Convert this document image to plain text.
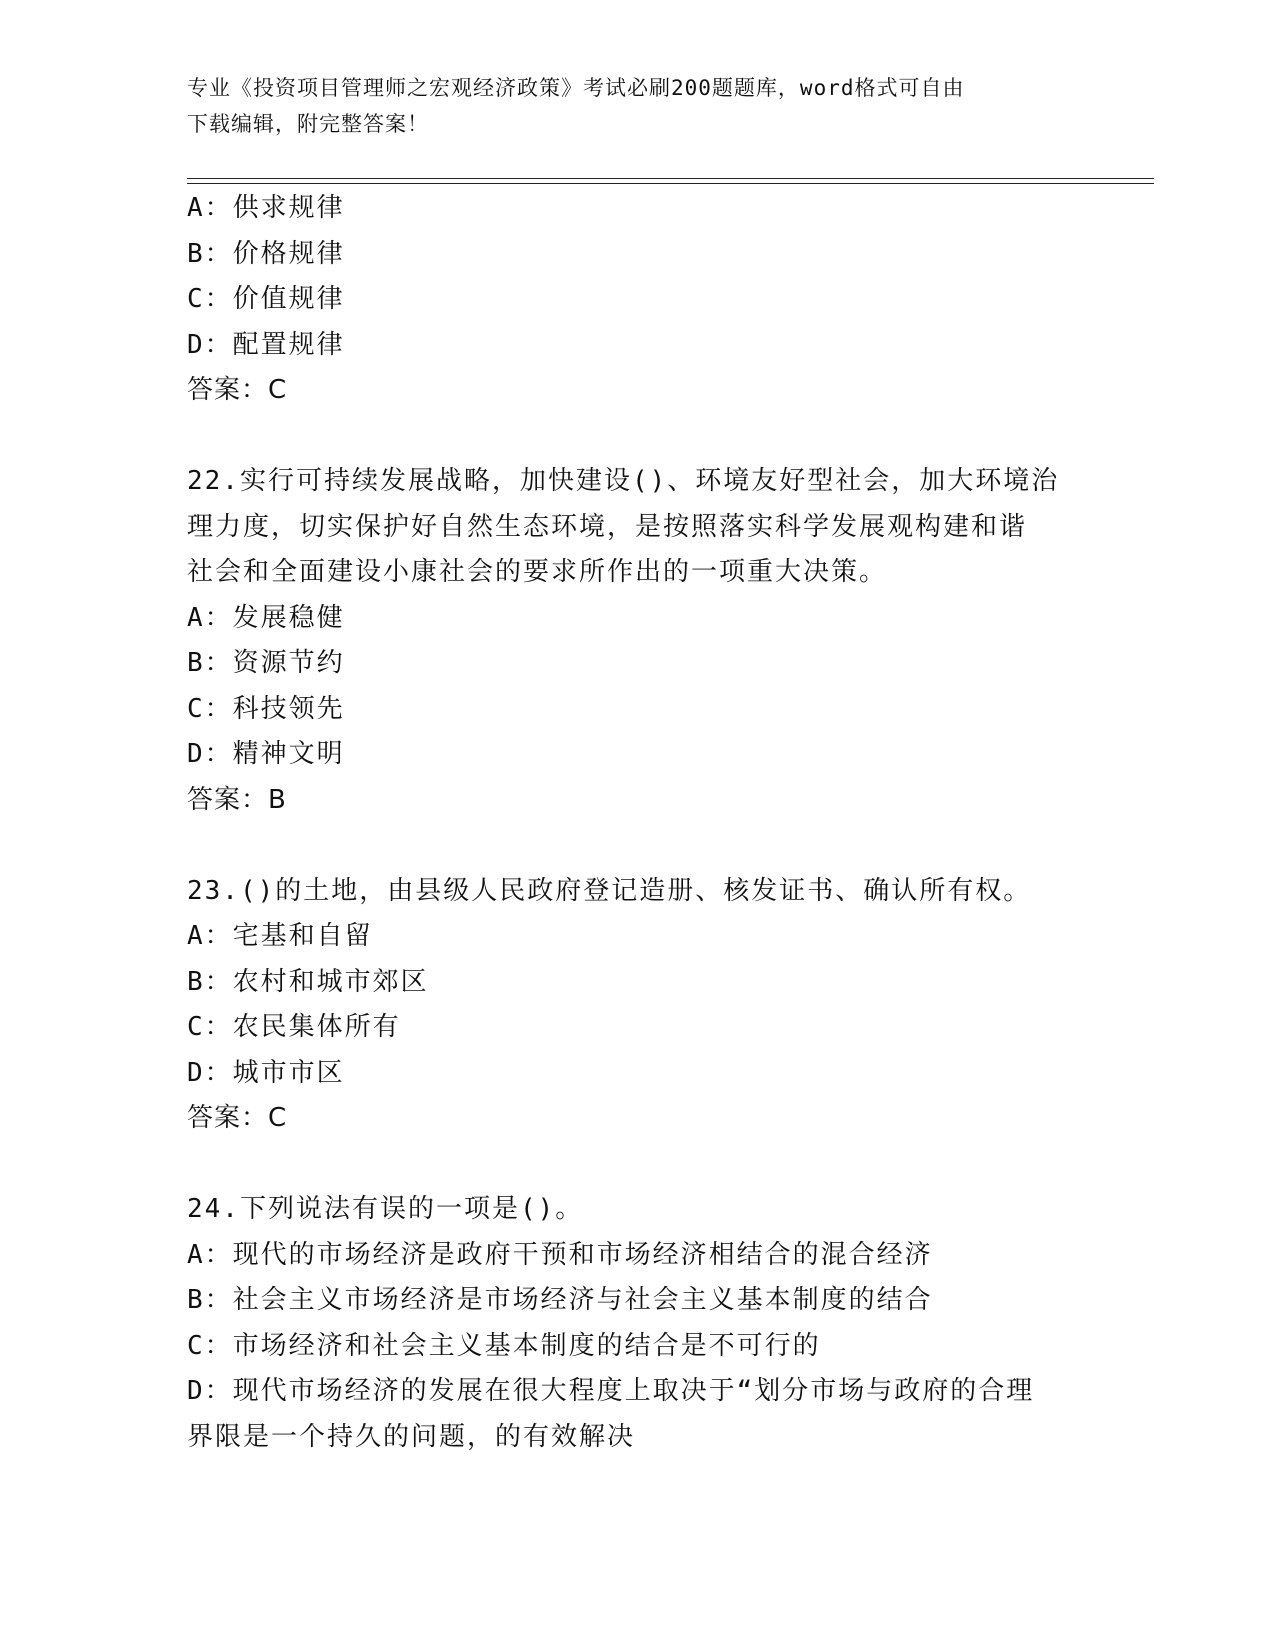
专业《投资项目管理师之宏观经济政策》考试必刷200题题库，word格式可自由
下载编辑，附完整答案！
A：供求规律
B：价格规律
C：价值规律
D：配置规律
答案：C
22.实行可持续发展战略，加快建设()、环境友好型社会，加大环境治
理力度，切实保护好自然生态环境，是按照落实科学发展观构建和谐
社会和全面建设小康社会的要求所作出的一项重大决策。
A：发展稳健
B：资源节约
C：科技领先
D：精神文明
答案：B
23.()的土地，由县级人民政府登记造册、核发证书、确认所有权。
A：宅基和自留
B：农村和城市郊区
C：农民集体所有
D：城市市区
答案：C
24.下列说法有误的一项是()。
A：现代的市场经济是政府干预和市场经济相结合的混合经济
B：社会主义市场经济是市场经济与社会主义基本制度的结合
C：市场经济和社会主义基本制度的结合是不可行的
D：现代市场经济的发展在很大程度上取决于“划分市场与政府的合理
界限是一个持久的问题，的有效解决
